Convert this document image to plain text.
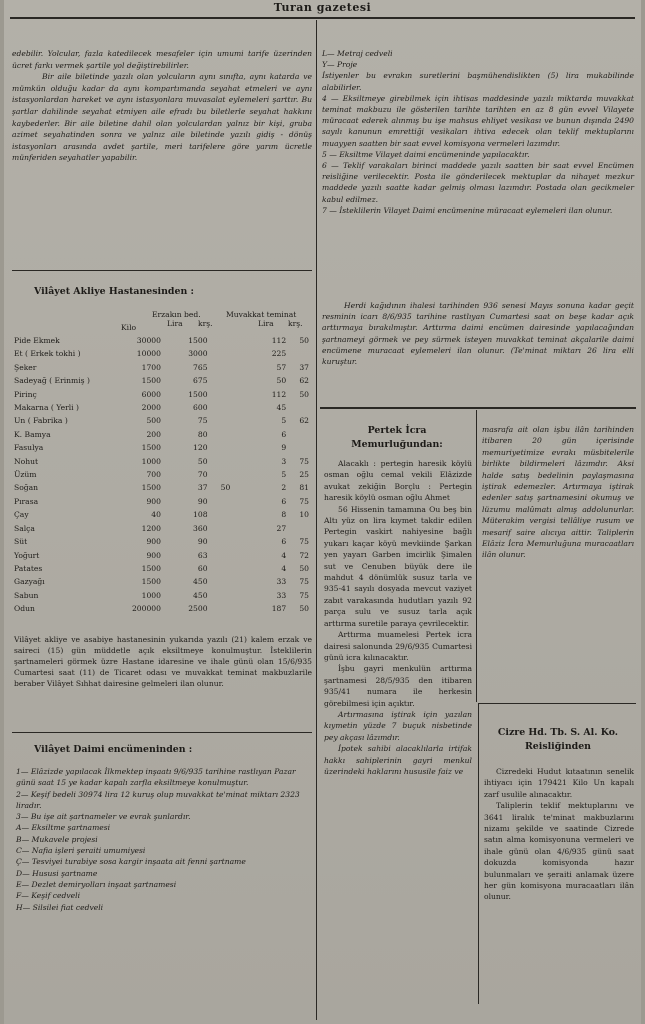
Turan gazetesi

edebilir. Yolcular, fazla katedilecek mesafeler için umumi tarife üzerinden ücret farkı vermek şartile yol değiştirebilirler.

Bir aile biletinde yazılı olan yolcuların aynı sınıfta, aynı katarda ve mümkün olduğu kadar da aynı kompartımanda seyahat etmeleri ve aynı istasyonlardan hareket ve aynı istasyonlara muvasalat eylemeleri şarttır. Bu şartlar dahilinde seyahat etmiyen aile efradı bu biletlerle seyahat hakkını kaybederler. Bir aile biletine dahil olan yolculardan yalnız bir kişi, gruba azimet seyahatinden sonra ve yalnız aile biletinde yazılı gidiş - dönüş istasyonları arasında avdet şartile, meri tarifelere göre yarım ücretle münferiden seyahatler yapabilir.

Vilâyet Akliye Hastanesinden :
Erzakın bed.	Muvakkat teminat
Kilo	Lira krş.	Lira krş.
Pide Ekmek	30000	1500		112	50
Et ( Erkek tokhi )	10000	3000		225	
Şeker	1700	765		57	37
Sadeyağ ( Erinmiş )	1500	675		50	62
Pirinç	6000	1500		112	50
Makarna ( Yerli )	2000	600		45	
Un ( Fabrika )	500	75		5	62
K. Bamya	200	80		6	
Fasulya	1500	120		9	
Nohut	1000	50		3	75
Üzüm	700	70		5	25
Soğan	1500	37	50	2	81
Pırasa	900	90		6	75
Çay	40	108		8	10
Salça	1200	360		27	
Süt	900	90		6	75
Yoğurt	900	63		4	72
Patates	1500	60		4	50
Gazyağı	1500	450		33	75
Sabun	1000	450		33	75
Odun	200000	2500		187	50
Vilâyet akliye ve asabiye hastanesinin yukarıda yazılı (21) kalem erzak ve saireci (15) gün müddetle açık eksiltmeye konulmuştur. İsteklilerin şartnameleri görmek üzre Hastane idaresine ve ihale günü olan 15/6/935 Cumartesi saat (11) de Ticaret odası ve muvakkat teminat makbuzlarile beraber Vilâyet Sıhhat dairesine gelmeleri ilan olunur.
Vilâyet Daimi encümeninden :
1— Elâzizde yapılacak İlkmektep inşaatı 9/6/935 tarihine rastlıyan Pazar günü saat 15 ye kadar kapalı zarfla eksiltmeye konulmuştur.
2— Keşif bedeli 30974 lira 12 kuruş olup muvakkat te'minat miktarı 2323 liradır.
3— Bu işe ait şartnameler ve evrak şunlardır.
A— Eksiltme şartnamesi
B— Mukavele projesi
C— Nafia işleri şeraiti umumiyesi
Ç— Tesviyei turabiye sosa kargir inşaata ait fenni şartname
D— Hususi şartname
E— Dezlet demiryolları inşaat şartnamesi
F— Keşif cedveli
H— Silsilei fiat cedveli
L— Metraj cedveli
Y— Proje
İstiyenler bu evrakın suretlerini başmühendislikten (5) lira mukabilinde alabilirler.
4 — Eksiltmeye girebilmek için ihtisas maddesinde yazılı miktarda muvakkat teminat makbuzu ile gösterilen tarihte tarihten en az 8 gün evvel Vilayete müracaat ederek alınmış bu işe mahsus ehliyet vesikası ve bunun dışında 2490 sayılı kanunun emrettiği vesikaları ihtiva edecek olan teklif mektuplarını muayyen saatten bir saat evvel komisyona vermeleri lazımdır.
5 — Eksiltme Vilayet daimi encümeninde yapılacaktır.
6 — Teklif varakaları birinci maddede yazılı saatten bir saat evvel Encümen reisliğine verilecektir. Posta ile gönderilecek mektuplar da nihayet mezkur maddede yazılı saatte kadar gelmiş olması lazımdır. Postada olan gecikmeler kabul edilmez.
7 — İsteklilerin Vilayet Daimi encümenine müracaat eylemeleri ilan olunur.
Herdi kağıdının ihalesi tarihinden 936 senesi Mayıs sonuna kadar geçit resminin icarı 8/6/935 tarihine rastlıyan Cumartesi saat on beşe kadar açık arttırmaya bırakılmıştır. Arttırma daimi encümen dairesinde yapılacağından şartnameyi görmek ve pey sürmek isteyen muvakkat teminat akçalarile daimi encümene muracaat eylemeleri ilan olunur. (Te'minat miktarı 26 lira elli kuruştur.
Pertek İcra Memurluğundan:

Alacaklı : pertegin haresik köylü osman oğlu cemal vekili Elâzizde avukat zekiğin Borçlu : Pertegin haresik köylü osman oğlu Ahmet

56 Hissenin tamamına Ou beş bin Altı yüz on lira kıymet takdir edilen Pertegin vaskirt nahiyesine bağlı yukarı kaçar köyü mevkiinde Şarkan yen yayarı Garben imcirlik Şimalen sut ve Cenuben büyük dere ile mahdut 4 dönümlük susuz tarla ve 935-41 sayılı dosyada mevcut vaziyet zabıt varakasında hudutları yazılı 92 parça sulu ve susuz tarla açık arttırma suretile paraya çevrilecektir.

Arttırma muamelesi Pertek icra dairesi salonunda 29/6/935 Cumartesi günü icra kılınacaktır.

İşbu gayri menkulün arttırma şartnamesi 28/5/935 den itibaren 935/41 numara ile herkesin görebilmesi için açıktır.

Artırmasına iştirak için yazılan kıymetin yüzde 7 buçuk nisbetinde pey akçası lâzımdır.

İpotek sahibi alacaklılarla irtifak hakkı sahiplerinin gayri menkul üzerindeki haklarını hususile faiz ve

masrafa ait olan işbu ilân tarihinden itibaren 20 gün içerisinde memuriyetimize evrakı müsbitelerile birlikte bildirmeleri lâzımdır. Aksi halde satış bedelinin paylaşmasına iştirak edemezler. Artırmaya iştirak edenler satış şartnamesini okumuş ve lüzumu malûmatı almış addolunurlar. Müterakim vergisi tellâliye rusum ve mesarif saire alıcıya aittir. Taliplerin Elâziz İcra Memurluğuna muracaatları ilân olunur.
Cizre Hd. Tb. S. Al. Ko. Reisliğinden

Cizredeki Hudut kıtaatının senelik ihtiyacı için 179421 Kilo Un kapalı zarf usulile alınacaktır.

Taliplerin teklif mektuplarını ve 3641 liralık te'minat makbuzlarını nizamı şekilde ve saatinde Cizrede satın alma komisyonuna vermeleri ve ihale günü olan 4/6/935 günü saat dokuzda komisyonda hazır bulunmaları ve şeraiti anlamak üzere her gün komisyona muracaatları ilân olunur.
